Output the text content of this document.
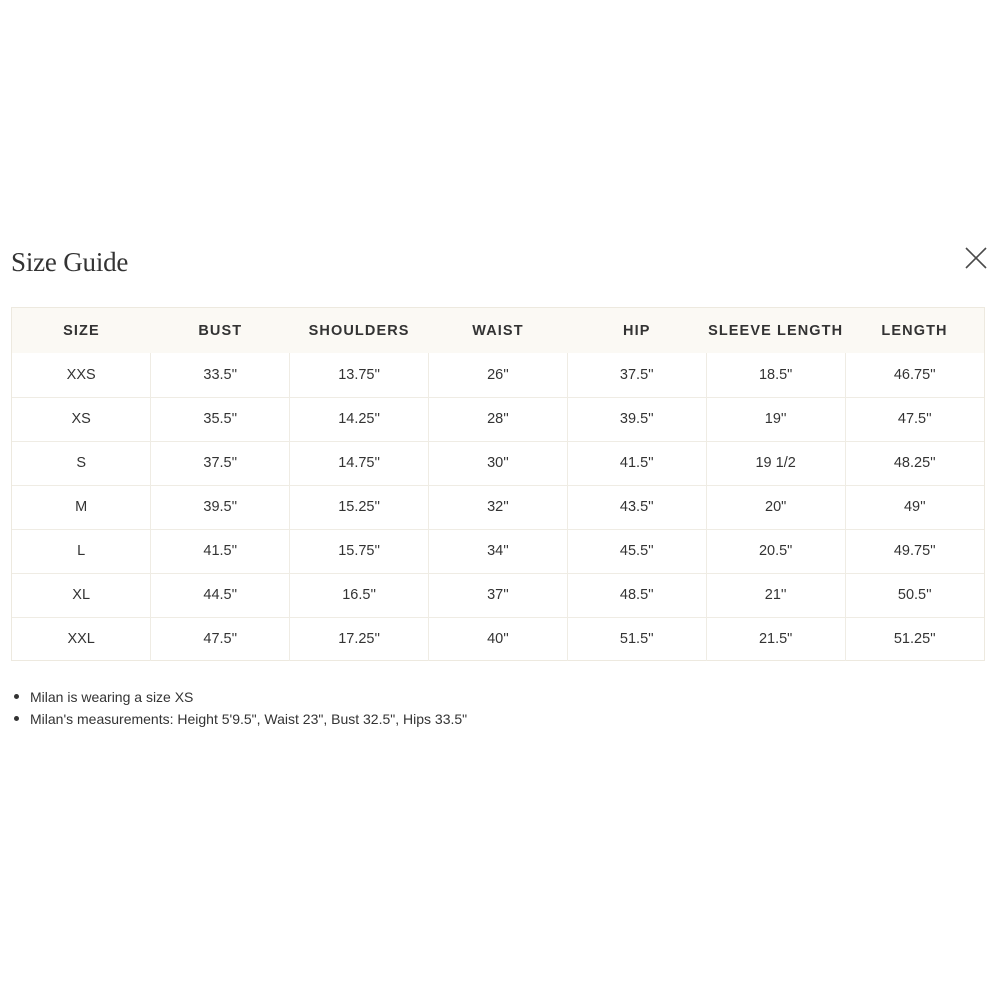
Size Guide
SIZE	BUST	SHOULDERS	WAIST	HIP	SLEEVE LENGTH	LENGTH
XXS	33.5''	13.75''	26''	37.5''	18.5"	46.75''
XS	35.5''	14.25''	28''	39.5''	19''	47.5''
S	37.5''	14.75''	30''	41.5''	19 1/2	48.25''
M	39.5''	15.25''	32''	43.5''	20"	49''
L	41.5''	15.75''	34''	45.5''	20.5"	49.75''
XL	44.5''	16.5''	37''	48.5''	21''	50.5''
XXL	47.5''	17.25''	40''	51.5''	21.5"	51.25''
Milan is wearing a size XS
Milan's measurements: Height 5'9.5", Waist 23", Bust 32.5", Hips 33.5"
